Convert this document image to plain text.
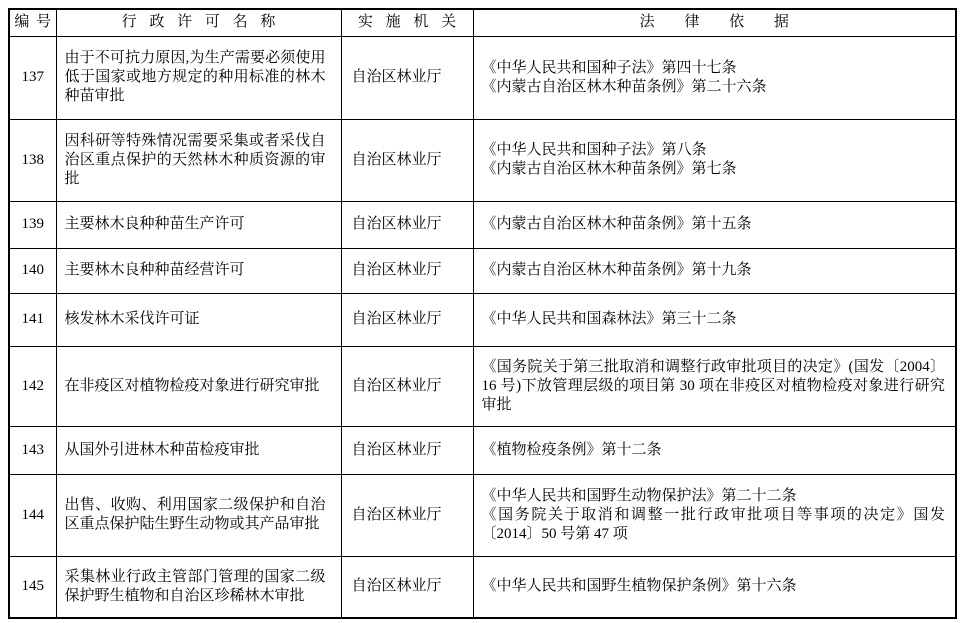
编 号	行 政 许 可 名 称	实 施 机 关	法 律 依 据
137	由于不可抗力原因,为生产需要必须使用低于国家或地方规定的种用标准的林木种苗审批	自治区林业厅	《中华人民共和国种子法》第四十七条
《内蒙古自治区林木种苗条例》第二十六条

138	因科研等特殊情况需要采集或者采伐自治区重点保护的天然林木种质资源的审批	自治区林业厅	《中华人民共和国种子法》第八条
《内蒙古自治区林木种苗条例》第七条

139	主要林木良种种苗生产许可	自治区林业厅	《内蒙古自治区林木种苗条例》第十五条

140	主要林木良种种苗经营许可	自治区林业厅	《内蒙古自治区林木种苗条例》第十九条

141	核发林木采伐许可证	自治区林业厅	《中华人民共和国森林法》第三十二条

142	在非疫区对植物检疫对象进行研究审批	自治区林业厅	《国务院关于第三批取消和调整行政审批项目的决定》(国发〔2004〕16 号)下放管理层级的项目第 30 项在非疫区对植物检疫对象进行研究审批

143	从国外引进林木种苗检疫审批	自治区林业厅	《植物检疫条例》第十二条

144	出售、收购、利用国家二级保护和自治区重点保护陆生野生动物或其产品审批	自治区林业厅	《中华人民共和国野生动物保护法》第二十二条
《国务院关于取消和调整一批行政审批项目等事项的决定》国发〔2014〕50 号第 47 项

145	采集林业行政主管部门管理的国家二级保护野生植物和自治区珍稀林木审批	自治区林业厅	《中华人民共和国野生植物保护条例》第十六条
